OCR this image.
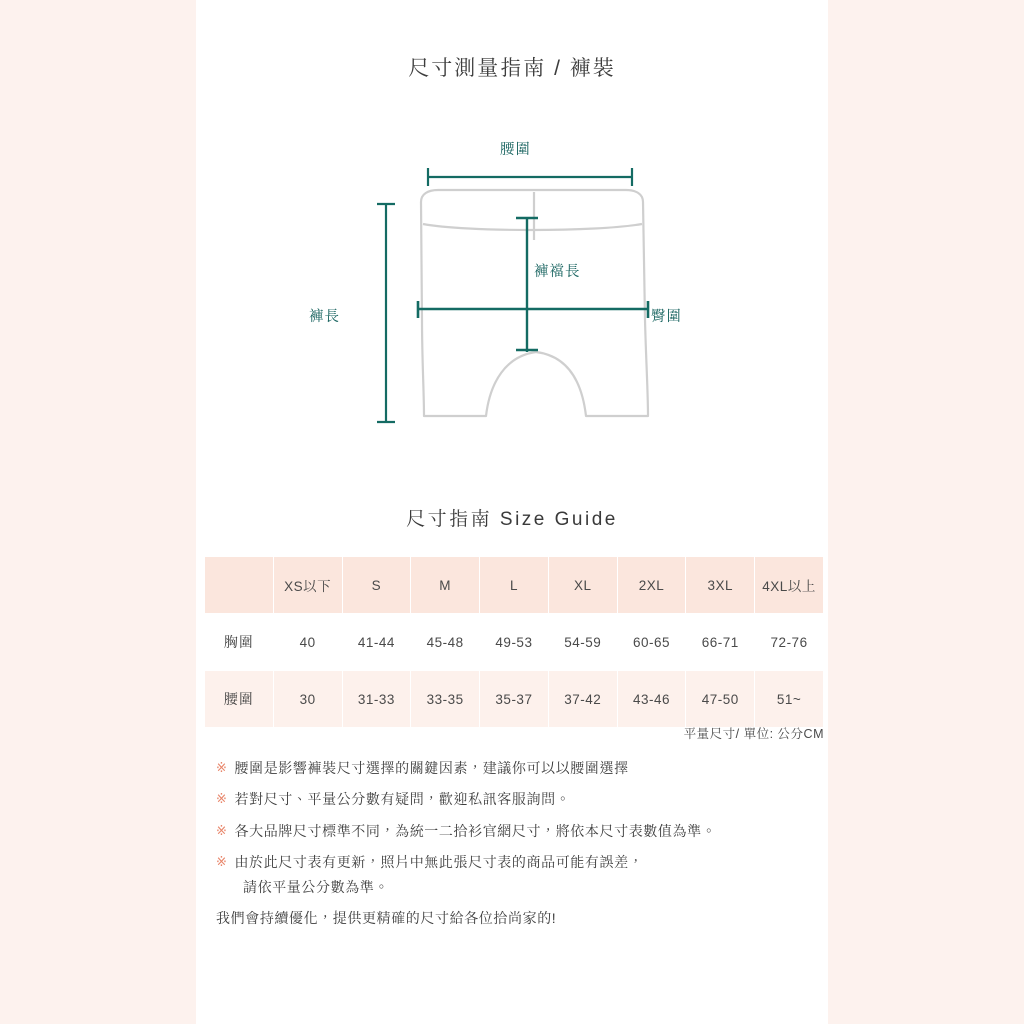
尺寸測量指南 / 褲裝
腰圍
褲襠長
臀圍
褲長
尺寸指南 Size Guide
	XS以下	S	M	L	XL	2XL	3XL	4XL以上
胸圍	40	41-44	45-48	49-53	54-59	60-65	66-71	72-76
腰圍	30	31-33	33-35	35-37	37-42	43-46	47-50	51~
平量尺寸/ 單位: 公分CM
※ 腰圍是影響褲裝尺寸選擇的關鍵因素，建議你可以以腰圍選擇
※ 若對尺寸、平量公分數有疑問，歡迎私訊客服詢問。
※ 各大品牌尺寸標準不同，為統一二拾衫官網尺寸，將依本尺寸表數值為準。
※ 由於此尺寸表有更新，照片中無此張尺寸表的商品可能有誤差，
請依平量公分數為準。
我們會持續優化，提供更精確的尺寸給各位拾尚家的!
